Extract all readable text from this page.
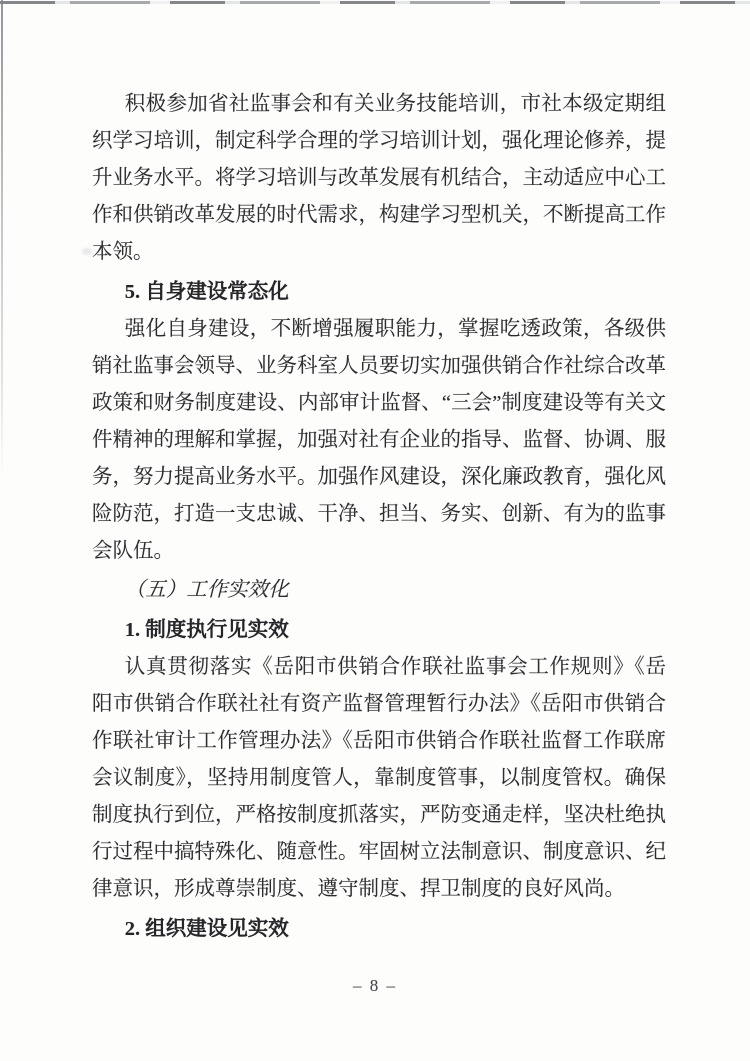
积极参加省社监事会和有关业务技能培训，市社本级定期组织学习培训，制定科学合理的学习培训计划，强化理论修养，提升业务水平。将学习培训与改革发展有机结合，主动适应中心工作和供销改革发展的时代需求，构建学习型机关，不断提高工作本领。

5. 自身建设常态化

强化自身建设，不断增强履职能力，掌握吃透政策，各级供销社监事会领导、业务科室人员要切实加强供销合作社综合改革政策和财务制度建设、内部审计监督、“三会”制度建设等有关文件精神的理解和掌握，加强对社有企业的指导、监督、协调、服务，努力提高业务水平。加强作风建设，深化廉政教育，强化风险防范，打造一支忠诚、干净、担当、务实、创新、有为的监事会队伍。

（五）工作实效化
1. 制度执行见实效

认真贯彻落实《岳阳市供销合作联社监事会工作规则》《岳阳市供销合作联社社有资产监督管理暂行办法》《岳阳市供销合作联社审计工作管理办法》《岳阳市供销合作联社监督工作联席会议制度》，坚持用制度管人，靠制度管事，以制度管权。确保制度执行到位，严格按制度抓落实，严防变通走样，坚决杜绝执行过程中搞特殊化、随意性。牢固树立法制意识、制度意识、纪律意识，形成尊崇制度、遵守制度、捍卫制度的良好风尚。

2. 组织建设见实效
– 8 –
